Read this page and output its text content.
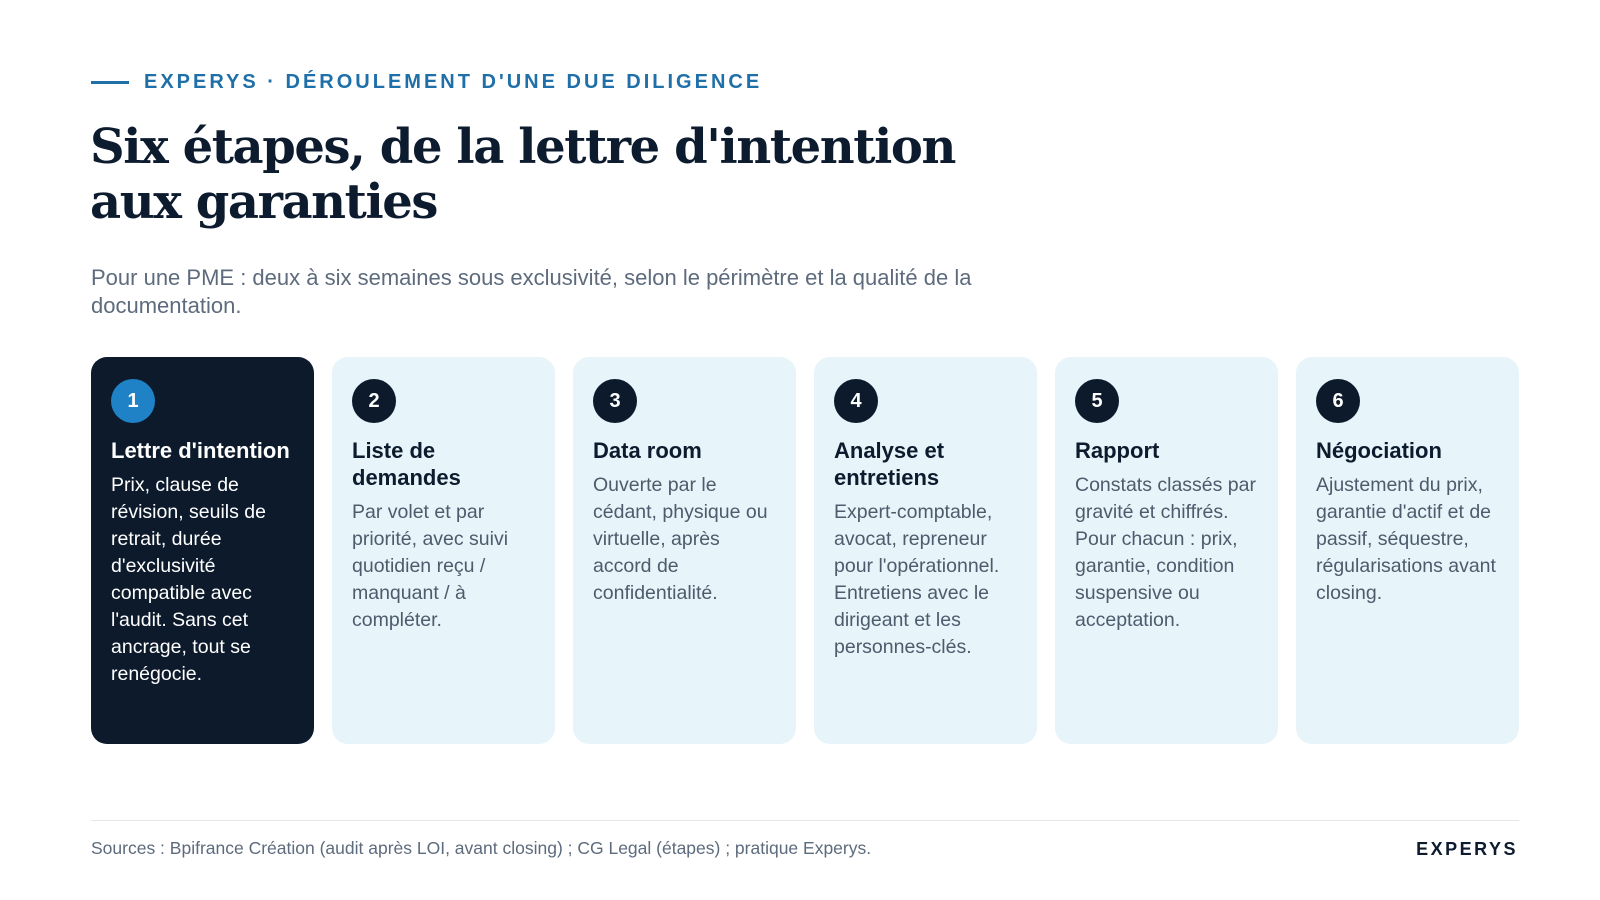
EXPERYS · DÉROULEMENT D'UNE DUE DILIGENCE
Six étapes, de la lettre d'intention aux garanties

Pour une PME : deux à six semaines sous exclusivité, selon le périmètre et la qualité de la documentation.

1
Lettre d'intention
Prix, clause de révision, seuils de retrait, durée d'exclusivité compatible avec l'audit. Sans cet ancrage, tout se renégocie.
2
Liste de demandes
Par volet et par priorité, avec suivi quotidien reçu / manquant / à compléter.
3
Data room
Ouverte par le cédant, physique ou virtuelle, après accord de confidentialité.
4
Analyse et entretiens
Expert-comptable, avocat, repreneur pour l'opérationnel. Entretiens avec le dirigeant et les personnes-clés.
5
Rapport
Constats classés par gravité et chiffrés. Pour chacun : prix, garantie, condition suspensive ou acceptation.
6
Négociation
Ajustement du prix, garantie d'actif et de passif, séquestre, régularisations avant closing.
Sources : Bpifrance Création (audit après LOI, avant closing) ; CG Legal (étapes) ; pratique Experys.	EXPERYS
